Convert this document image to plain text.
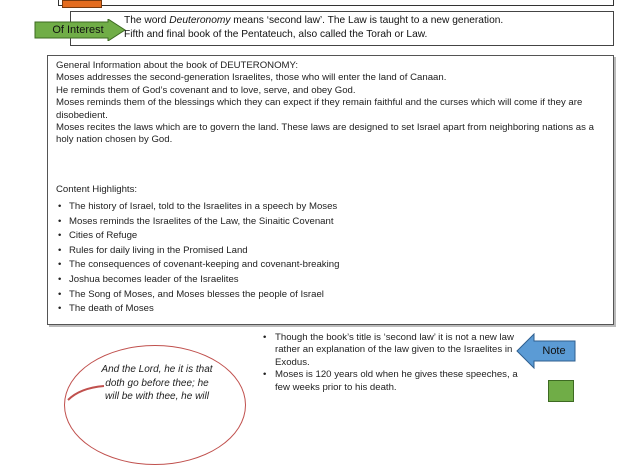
Of Interest
The word Deuteronomy means ‘second law’. The Law is taught to a new generation.
Fifth and final book of the Pentateuch, also called the Torah or Law.

General Information about the book of DEUTERONOMY:

Moses addresses the second-generation Israelites, those who will enter the land of Canaan.

He reminds them of God’s covenant and to love, serve, and obey God.

Moses reminds them of the blessings which they can expect if they remain faithful and the curses which will come if they are disobedient.

Moses recites the laws which are to govern the land. These laws are designed to set Israel apart from neighboring nations as a holy nation chosen by God.

Content Highlights:
• The history of Israel, told to the Israelites in a speech by Moses
• Moses reminds the Israelites of the Law, the Sinaitic Covenant
• Cities of Refuge
• Rules for daily living in the Promised Land
• The consequences of covenant-keeping and covenant-breaking
• Joshua becomes leader of the Israelites
• The Song of Moses, and Moses blesses the people of Israel
• The death of Moses
And the Lord, he it is that
doth go before thee; he
will be with thee, he will
• Though the book’s title is ‘second law’ it is not a new law rather an explanation of the law given to the Israelites in Exodus.
• Moses is 120 years old when he gives these speeches, a few weeks prior to his death.
Note
